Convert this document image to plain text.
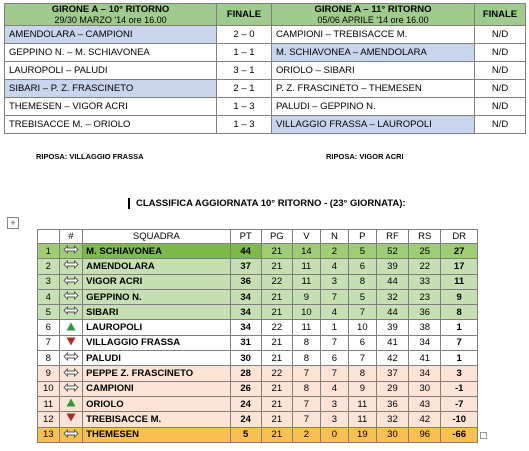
GIRONE A – 10° RITORNO
29/30 MARZO '14 ore 16.00	FINALE	GIRONE A – 11° RITORNO
05/06 APRILE '14 ore 16.00	FINALE
AMENDOLARA – CAMPIONI	2 – 0	CAMPIONI – TREBISACCE M.	N/D
GEPPINO N. – M. SCHIAVONEA	1 – 1	M. SCHIAVONEA – AMENDOLARA	N/D
LAUROPOLI – PALUDI	3 – 1	ORIOLO – SIBARI	N/D
SIBARI – P. Z. FRASCINETO	2 – 1	P. Z. FRASCINETO – THEMESEN	N/D
THEMESEN – VIGOR ACRI	1 – 3	PALUDI – GEPPINO N.	N/D
TREBISACCE M. – ORIOLO	1 – 3	VILLAGGIO FRASSA – LAUROPOLI	N/D
RIPOSA: VILLAGGIO FRASSA	RIPOSA: VIGOR ACRI
CLASSIFICA AGGIORNATA 10° RITORNO - (23° GIORNATA):
+
	#	SQUADRA	PT	PG	V	N	P	RF	RS	DR
1		M. SCHIAVONEA	44	21	14	2	5	52	25	27
2		AMENDOLARA	37	21	11	4	6	39	22	17
3		VIGOR ACRI	36	22	11	3	8	44	33	11
4		GEPPINO N.	34	21	9	7	5	32	23	9
5		SIBARI	34	21	10	4	7	44	36	8
6		LAUROPOLI	34	22	11	1	10	39	38	1
7		VILLAGGIO FRASSA	31	21	8	7	6	41	34	7
8		PALUDI	30	21	8	6	7	42	41	1
9		PEPPE Z. FRASCINETO	28	22	7	7	8	37	34	3
10		CAMPIONI	26	21	8	4	9	29	30	-1
11		ORIOLO	24	21	7	3	11	36	43	-7
12		TREBISACCE M.	24	21	7	3	11	32	42	-10
13		THEMESEN	5	21	2	0	19	30	96	-66
